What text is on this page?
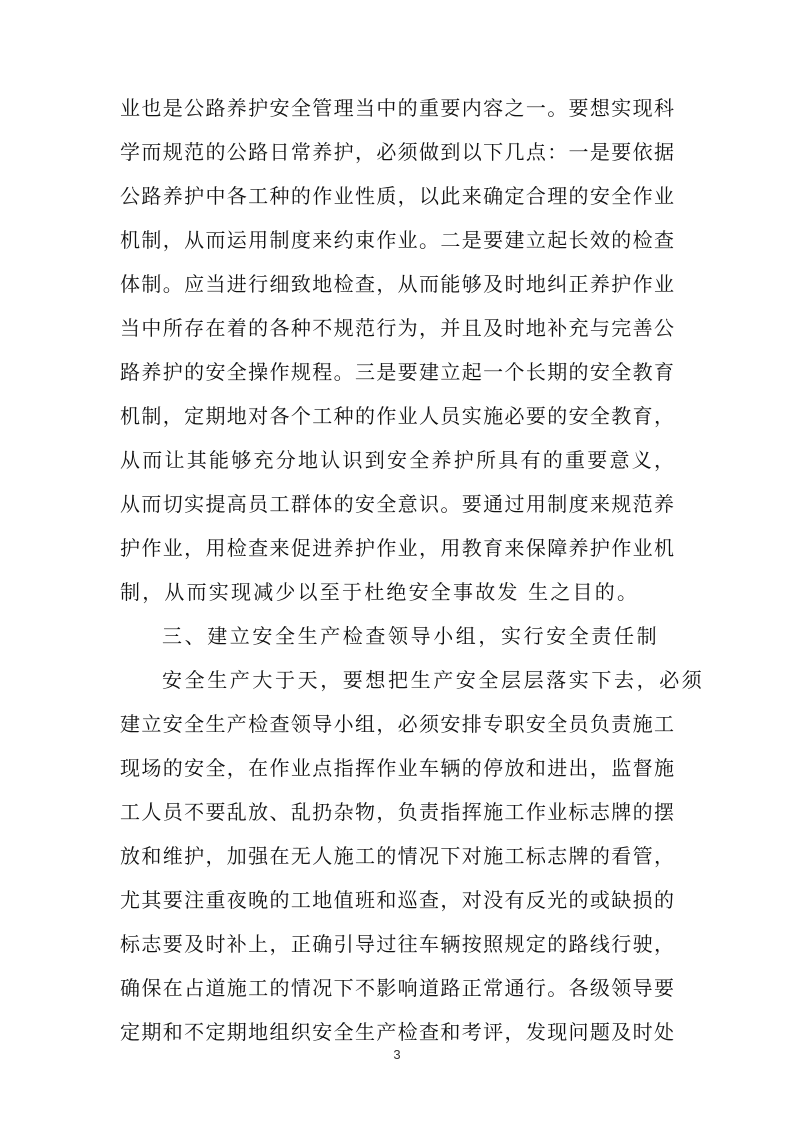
业也是公路养护安全管理当中的重要内容之一。要想实现科
学而规范的公路日常养护，必须做到以下几点：一是要依据
公路养护中各工种的作业性质，以此来确定合理的安全作业
机制，从而运用制度来约束作业。二是要建立起长效的检查
体制。应当进行细致地检查，从而能够及时地纠正养护作业
当中所存在着的各种不规范行为，并且及时地补充与完善公
路养护的安全操作规程。三是要建立起一个长期的安全教育
机制，定期地对各个工种的作业人员实施必要的安全教育，
从而让其能够充分地认识到安全养护所具有的重要意义，
从而切实提高员工群体的安全意识。要通过用制度来规范养
护作业，用检查来促进养护作业，用教育来保障养护作业机
制，从而实现减少以至于杜绝安全事故发 生之目的。
三、建立安全生产检查领导小组，实行安全责任制
安全生产大于天，要想把生产安全层层落实下去，必须
建立安全生产检查领导小组，必须安排专职安全员负责施工
现场的安全，在作业点指挥作业车辆的停放和进出，监督施
工人员不要乱放、乱扔杂物，负责指挥施工作业标志牌的摆
放和维护，加强在无人施工的情况下对施工标志牌的看管，
尤其要注重夜晚的工地值班和巡查，对没有反光的或缺损的
标志要及时补上，正确引导过往车辆按照规定的路线行驶，
确保在占道施工的情况下不影响道路正常通行。各级领导要
定期和不定期地组织安全生产检查和考评，发现问题及时处
3
